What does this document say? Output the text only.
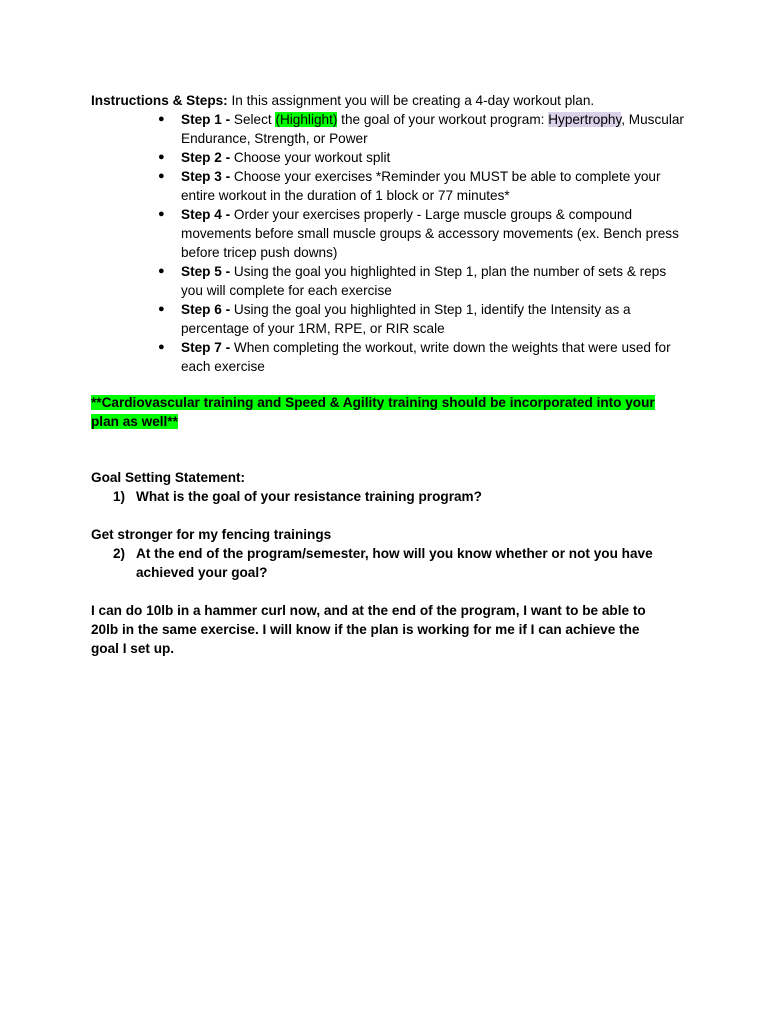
Instructions & Steps: In this assignment you will be creating a 4-day workout plan.

● Step 1 - Select (Highlight) the goal of your workout program: Hypertrophy, Muscular Endurance, Strength, or Power
● Step 2 - Choose your workout split
● Step 3 - Choose your exercises *Reminder you MUST be able to complete your entire workout in the duration of 1 block or 77 minutes*
● Step 4 - Order your exercises properly - Large muscle groups & compound movements before small muscle groups & accessory movements (ex. Bench press before tricep push downs)
● Step 5 - Using the goal you highlighted in Step 1, plan the number of sets & reps you will complete for each exercise
● Step 6 - Using the goal you highlighted in Step 1, identify the Intensity as a percentage of your 1RM, RPE, or RIR scale
● Step 7 - When completing the workout, write down the weights that were used for each exercise
**Cardiovascular training and Speed & Agility training should be incorporated into your plan as well**
Goal Setting Statement:
1) What is the goal of your resistance training program?
Get stronger for my fencing trainings
2) At the end of the program/semester, how will you know whether or not you have achieved your goal?
I can do 10lb in a hammer curl now, and at the end of the program, I want to be able to 20lb in the same exercise. I will know if the plan is working for me if I can achieve the goal I set up.
